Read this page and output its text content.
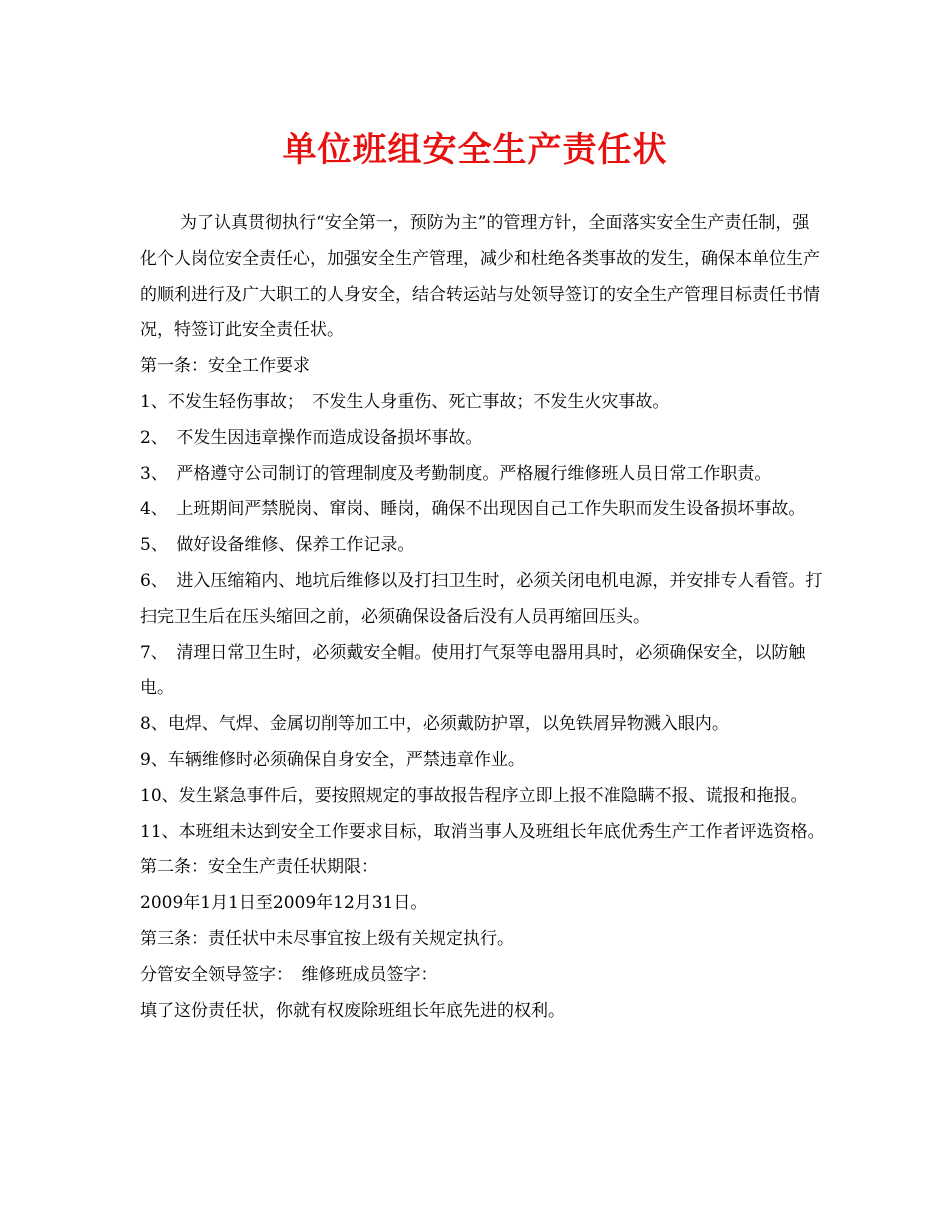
单位班组安全生产责任状

为了认真贯彻执行“安全第一，预防为主”的管理方针，全面落实安全生产责任制，强化个人岗位安全责任心，加强安全生产管理，减少和杜绝各类事故的发生，确保本单位生产的顺利进行及广大职工的人身安全，结合转运站与处领导签订的安全生产管理目标责任书情况，特签订此安全责任状。

第一条：安全工作要求

1、不发生轻伤事故；　不发生人身重伤、死亡事故；不发生火灾事故。

2、　不发生因违章操作而造成设备损坏事故。

3、　严格遵守公司制订的管理制度及考勤制度。严格履行维修班人员日常工作职责。

4、　上班期间严禁脱岗、窜岗、睡岗，确保不出现因自己工作失职而发生设备损坏事故。

5、　做好设备维修、保养工作记录。

6、　进入压缩箱内、地坑后维修以及打扫卫生时，必须关闭电机电源，并安排专人看管。打扫完卫生后在压头缩回之前，必须确保设备后没有人员再缩回压头。

7、　清理日常卫生时，必须戴安全帽。使用打气泵等电器用具时，必须确保安全，以防触电。

8、电焊、气焊、金属切削等加工中，必须戴防护罩，以免铁屑异物溅入眼内。

9、车辆维修时必须确保自身安全，严禁违章作业。

10、发生紧急事件后，要按照规定的事故报告程序立即上报不准隐瞒不报、谎报和拖报。

11、本班组未达到安全工作要求目标，取消当事人及班组长年底优秀生产工作者评选资格。

第二条：安全生产责任状期限：

2009年1月1日至2009年12月31日。

第三条：责任状中未尽事宜按上级有关规定执行。

分管安全领导签字：　维修班成员签字：

填了这份责任状，你就有权废除班组长年底先进的权利。
